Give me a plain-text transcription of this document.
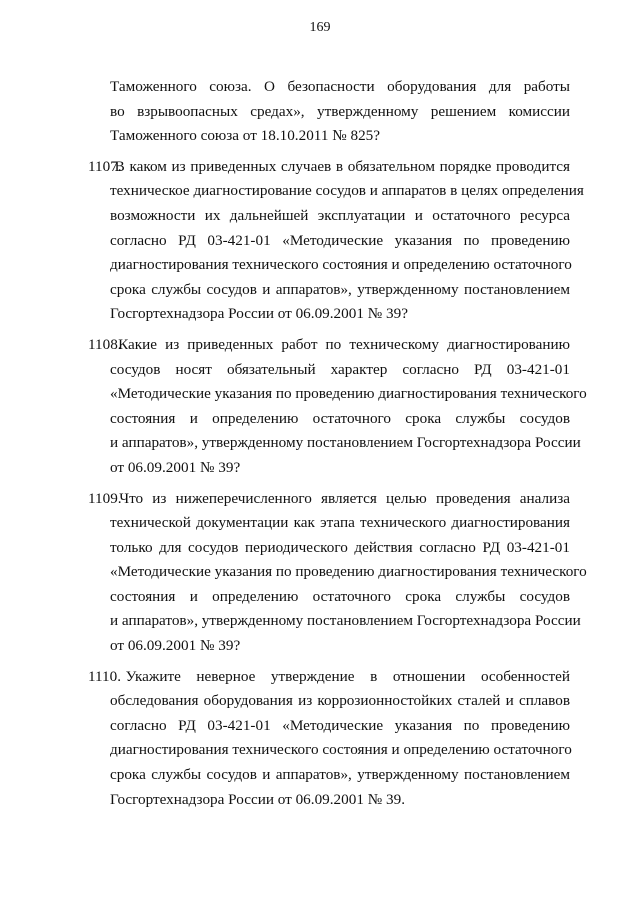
169
Таможенного союза. О безопасности оборудования для работы
во взрывоопасных средах», утвержденному решением комиссии
Таможенного союза от 18.10.2011 № 825?
1107. В каком из приведенных случаев в обязательном порядке проводится
техническое диагностирование сосудов и аппаратов в целях определения
возможности их дальнейшей эксплуатации и остаточного ресурса
согласно РД 03-421-01 «Методические указания по проведению
диагностирования технического состояния и определению остаточного
срока службы сосудов и аппаратов», утвержденному постановлением
Госгортехнадзора России от 06.09.2001 № 39?
1108. Какие из приведенных работ по техническому диагностированию
сосудов носят обязательный характер согласно РД 03-421-01
«Методические указания по проведению диагностирования технического
состояния и определению остаточного срока службы сосудов
и аппаратов», утвержденному постановлением Госгортехнадзора России
от 06.09.2001 № 39?
1109. Что из нижеперечисленного является целью проведения анализа
технической документации как этапа технического диагностирования
только для сосудов периодического действия согласно РД 03-421-01
«Методические указания по проведению диагностирования технического
состояния и определению остаточного срока службы сосудов
и аппаратов», утвержденному постановлением Госгортехнадзора России
от 06.09.2001 № 39?
1110. Укажите неверное утверждение в отношении особенностей
обследования оборудования из коррозионностойких сталей и сплавов
согласно РД 03-421-01 «Методические указания по проведению
диагностирования технического состояния и определению остаточного
срока службы сосудов и аппаратов», утвержденному постановлением
Госгортехнадзора России от 06.09.2001 № 39.
